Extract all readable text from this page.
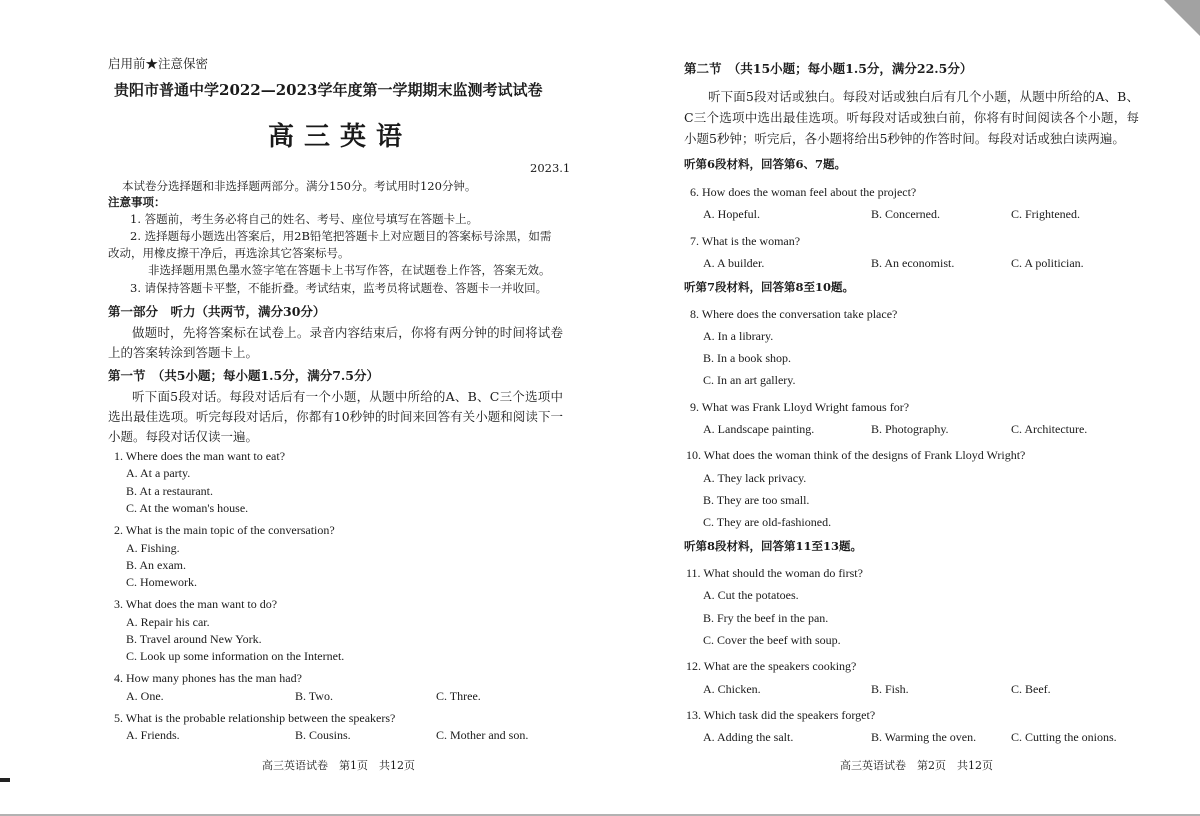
启用前★注意保密
贵阳市普通中学2022—2023学年度第一学期期末监测考试试卷
高三英语
2023.1
本试卷分选择题和非选择题两部分。满分150分。考试用时120分钟。
注意事项：
1. 答题前，考生务必将自己的姓名、考号、座位号填写在答题卡上。
2. 选择题每小题选出答案后，用2B铅笔把答题卡上对应题目的答案标号涂黑，如需
改动，用橡皮擦干净后，再选涂其它答案标号。
非选择题用黑色墨水签字笔在答题卡上书写作答，在试题卷上作答，答案无效。
3. 请保持答题卡平整，不能折叠。考试结束，监考员将试题卷、答题卡一并收回。
第一部分　听力（共两节，满分30分）
做题时，先将答案标在试卷上。录音内容结束后，你将有两分钟的时间将试卷上的答案转涂到答题卡上。
第一节　（共5小题；每小题1.5分，满分7.5分）
听下面5段对话。每段对话后有一个小题，从题中所给的A、B、C三个选项中选出最佳选项。听完每段对话后，你都有10秒钟的时间来回答有关小题和阅读下一小题。每段对话仅读一遍。
1. Where does the man want to eat?
A. At a party.
B. At a restaurant.
C. At the woman's house.
2. What is the main topic of the conversation?
A. Fishing.
B. An exam.
C. Homework.
3. What does the man want to do?
A. Repair his car.
B. Travel around New York.
C. Look up some information on the Internet.
4. How many phones has the man had?
A. One.	B. Two.	C. Three.
5. What is the probable relationship between the speakers?
A. Friends.	B. Cousins.	C. Mother and son.
高三英语试卷　第1页　共12页
第二节　（共15小题；每小题1.5分，满分22.5分）
听下面5段对话或独白。每段对话或独白后有几个小题，从题中所给的A、B、C三个选项中选出最佳选项。听每段对话或独白前，你将有时间阅读各个小题，每小题5秒钟；听完后，各小题将给出5秒钟的作答时间。每段对话或独白读两遍。
听第6段材料，回答第6、7题。
6. How does the woman feel about the project?
A. Hopeful.	B. Concerned.	C. Frightened.
7. What is the woman?
A. A builder.	B. An economist.	C. A politician.
听第7段材料，回答第8至10题。
8. Where does the conversation take place?
A. In a library.
B. In a book shop.
C. In an art gallery.
9. What was Frank Lloyd Wright famous for?
A. Landscape painting.	B. Photography.	C. Architecture.
10. What does the woman think of the designs of Frank Lloyd Wright?
A. They lack privacy.
B. They are too small.
C. They are old-fashioned.
听第8段材料，回答第11至13题。
11. What should the woman do first?
A. Cut the potatoes.
B. Fry the beef in the pan.
C. Cover the beef with soup.
12. What are the speakers cooking?
A. Chicken.	B. Fish.	C. Beef.
13. Which task did the speakers forget?
A. Adding the salt.	B. Warming the oven.	C. Cutting the onions.
高三英语试卷　第2页　共12页
